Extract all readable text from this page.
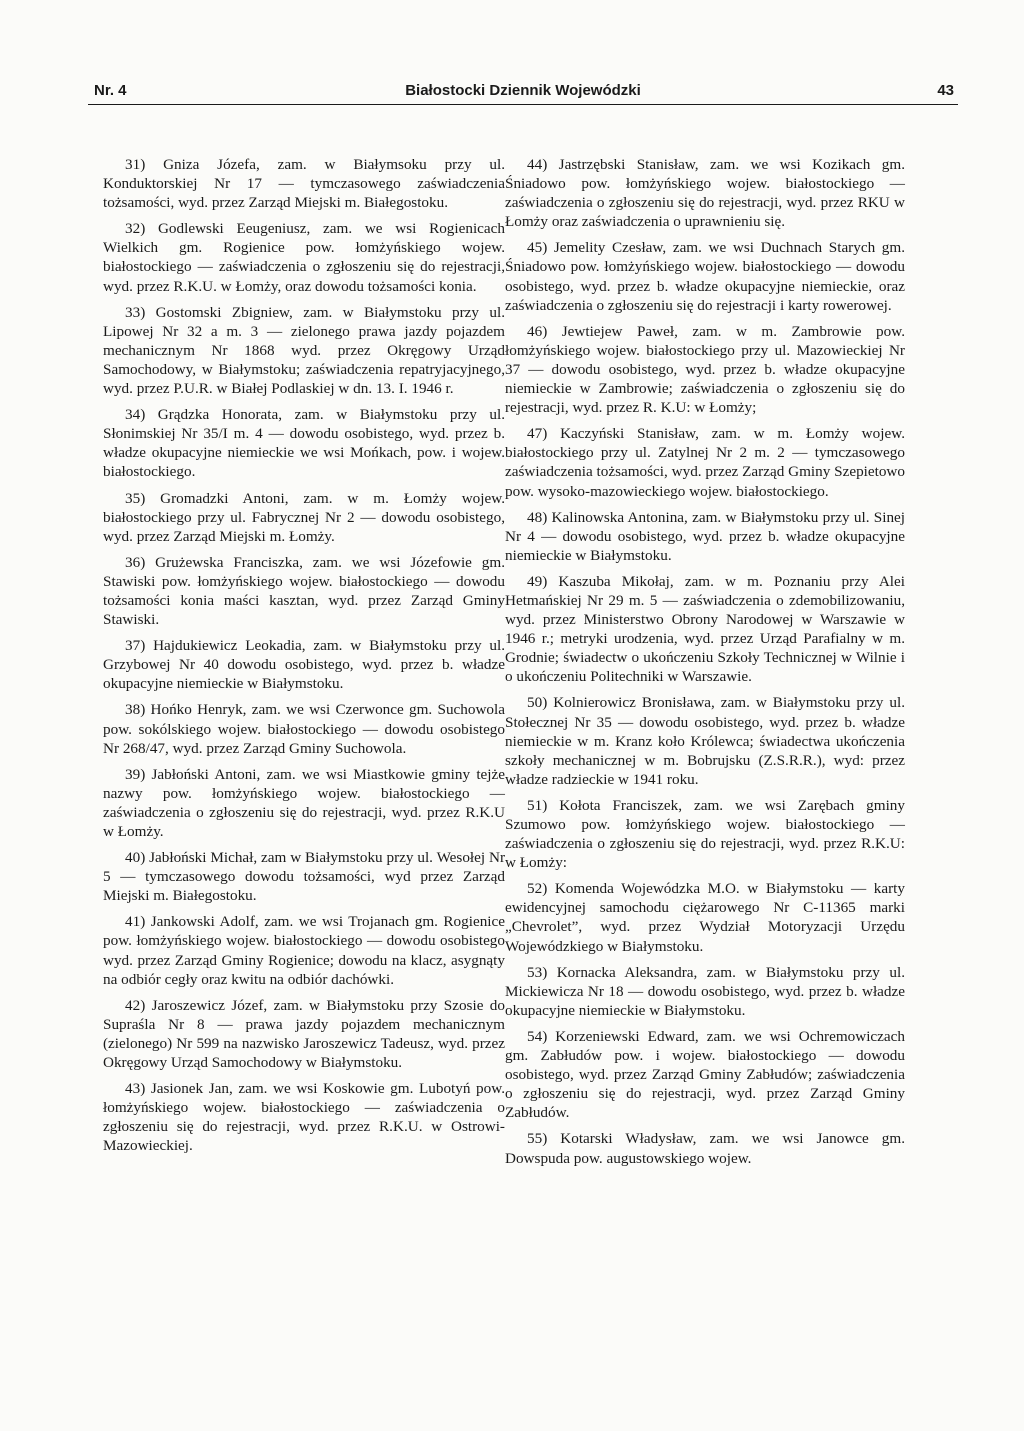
Nr. 4	Białostocki Dziennik Wojewódzki	43

31) Gniza Józefa, zam. w Białymsoku przy ul. Konduktorskiej Nr 17 — tymczasowego zaświadczenia tożsamości, wyd. przez Zarząd Miejski m. Białegostoku.

32) Godlewski Eeugeniusz, zam. we wsi Rogienicach Wielkich gm. Rogienice pow. łomżyńskiego wojew. białostockiego — zaświadczenia o zgłoszeniu się do rejestracji, wyd. przez R.K.U. w Łomży, oraz dowodu tożsamości konia.

33) Gostomski Zbigniew, zam. w Białymstoku przy ul. Lipowej Nr 32 a m. 3 — zielonego prawa jazdy pojazdem mechanicznym Nr 1868 wyd. przez Okręgowy Urząd Samochodowy, w Białymstoku; zaświadczenia repatryjacyjnego, wyd. przez P.U.R. w Białej Podlaskiej w dn. 13. I. 1946 r.

34) Grądzka Honorata, zam. w Białymstoku przy ul. Słonimskiej Nr 35/I m. 4 — dowodu osobistego, wyd. przez b. władze okupacyjne niemieckie we wsi Mońkach, pow. i wojew. białostockiego.

35) Gromadzki Antoni, zam. w m. Łomży wojew. białostockiego przy ul. Fabrycznej Nr 2 — dowodu osobistego, wyd. przez Zarząd Miejski m. Łomży.

36) Grużewska Franciszka, zam. we wsi Józefowie gm. Stawiski pow. łomżyńskiego wojew. białostockiego — dowodu tożsamości konia maści kasztan, wyd. przez Zarząd Gminy Stawiski.

37) Hajdukiewicz Leokadia, zam. w Białymstoku przy ul. Grzybowej Nr 40 dowodu osobistego, wyd. przez b. władze okupacyjne niemieckie w Białymstoku.

38) Hońko Henryk, zam. we wsi Czerwonce gm. Suchowola pow. sokólskiego wojew. białostockiego — dowodu osobistego Nr 268/47, wyd. przez Zarząd Gminy Suchowola.

39) Jabłoński Antoni, zam. we wsi Miastkowie gminy tejże nazwy pow. łomżyńskiego wojew. białostockiego — zaświadczenia o zgłoszeniu się do rejestracji, wyd. przez R.K.U w Łomży.

40) Jabłoński Michał, zam w Białymstoku przy ul. Wesołej Nr 5 — tymczasowego dowodu tożsamości, wyd przez Zarząd Miejski m. Białegostoku.

41) Jankowski Adolf, zam. we wsi Trojanach gm. Rogienice pow. łomżyńskiego wojew. białostockiego — dowodu osobistego wyd. przez Zarząd Gminy Rogienice; dowodu na klacz, asygnąty na odbiór cegły oraz kwitu na odbiór dachówki.

42) Jaroszewicz Józef, zam. w Białymstoku przy Szosie do Supraśla Nr 8 — prawa jazdy pojazdem mechanicznym (zielonego) Nr 599 na nazwisko Jaroszewicz Tadeusz, wyd. przez Okręgowy Urząd Samochodowy w Białymstoku.

43) Jasionek Jan, zam. we wsi Koskowie gm. Lubotyń pow. łomżyńskiego wojew. białostockiego — zaświadczenia o zgłoszeniu się do rejestracji, wyd. przez R.K.U. w Ostrowi-Mazowieckiej.

44) Jastrzębski Stanisław, zam. we wsi Kozikach gm. Śniadowo pow. łomżyńskiego wojew. białostockiego — zaświadczenia o zgłoszeniu się do rejestracji, wyd. przez RKU w Łomży oraz zaświadczenia o uprawnieniu się.

45) Jemelity Czesław, zam. we wsi Duchnach Starych gm. Śniadowo pow. łomżyńskiego wojew. białostockiego — dowodu osobistego, wyd. przez b. władze okupacyjne niemieckie, oraz zaświadczenia o zgłoszeniu się do rejestracji i karty rowerowej.

46) Jewtiejew Paweł, zam. w m. Zambrowie pow. łomżyńskiego wojew. białostockiego przy ul. Mazowieckiej Nr 37 — dowodu osobistego, wyd. przez b. władze okupacyjne niemieckie w Zambrowie; zaświadczenia o zgłoszeniu się do rejestracji, wyd. przez R. K.U: w Łomży;

47) Kaczyński Stanisław, zam. w m. Łomży wojew. białostockiego przy ul. Zatylnej Nr 2 m. 2 — tymczasowego zaświadczenia tożsamości, wyd. przez Zarząd Gminy Szepietowo pow. wysoko-mazowieckiego wojew. białostockiego.

48) Kalinowska Antonina, zam. w Białymstoku przy ul. Sinej Nr 4 — dowodu osobistego, wyd. przez b. władze okupacyjne niemieckie w Białymstoku.

49) Kaszuba Mikołaj, zam. w m. Poznaniu przy Alei Hetmańskiej Nr 29 m. 5 — zaświadczenia o zdemobilizowaniu, wyd. przez Ministerstwo Obrony Narodowej w Warszawie w 1946 r.; metryki urodzenia, wyd. przez Urząd Parafialny w m. Grodnie; świadectw o ukończeniu Szkoły Technicznej w Wilnie i o ukończeniu Politechniki w Warszawie.

50) Kolnierowicz Bronisława, zam. w Białymstoku przy ul. Stołecznej Nr 35 — dowodu osobistego, wyd. przez b. władze niemieckie w m. Kranz koło Królewca; świadectwa ukończenia szkoły mechanicznej w m. Bobrujsku (Z.S.R.R.), wyd: przez władze radzieckie w 1941 roku.

51) Kołota Franciszek, zam. we wsi Zarębach gminy Szumowo pow. łomżyńskiego wojew. białostockiego — zaświadczenia o zgłoszeniu się do rejestracji, wyd. przez R.K.U: w Łomży:

52) Komenda Wojewódzka M.O. w Białymstoku — karty ewidencyjnej samochodu ciężarowego Nr C-11365 marki „Chevrolet”, wyd. przez Wydział Motoryzacji Urzędu Wojewódzkiego w Białymstoku.

53) Kornacka Aleksandra, zam. w Białymstoku przy ul. Mickiewicza Nr 18 — dowodu osobistego, wyd. przez b. władze okupacyjne niemieckie w Białymstoku.

54) Korzeniewski Edward, zam. we wsi Ochremowiczach gm. Zabłudów pow. i wojew. białostockiego — dowodu osobistego, wyd. przez Zarząd Gminy Zabłudów; zaświadczenia o zgłoszeniu się do rejestracji, wyd. przez Zarząd Gminy Zabłudów.

55) Kotarski Władysław, zam. we wsi Janowce gm. Dowspuda pow. augustowskiego wojew.
